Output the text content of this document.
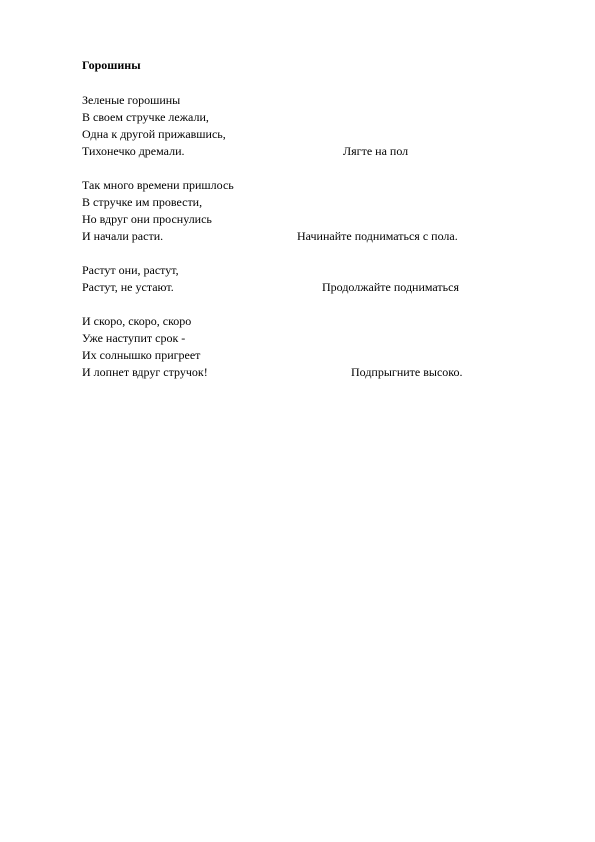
Горошины
Зеленые горошины
В своем стручке лежали,
Одна к другой прижавшись,
Тихонечко дремали.	Лягте на пол
Так много времени пришлось
В стручке им провести,
Но вдруг они проснулись
И начали расти.	Начинайте подниматься с пола.
Растут они, растут,
Растут, не устают.	Продолжайте подниматься
И скоро, скоро, скоро
Уже наступит срок -
Их солнышко пригреет
И лопнет вдруг стручок!	Подпрыгните высоко.
